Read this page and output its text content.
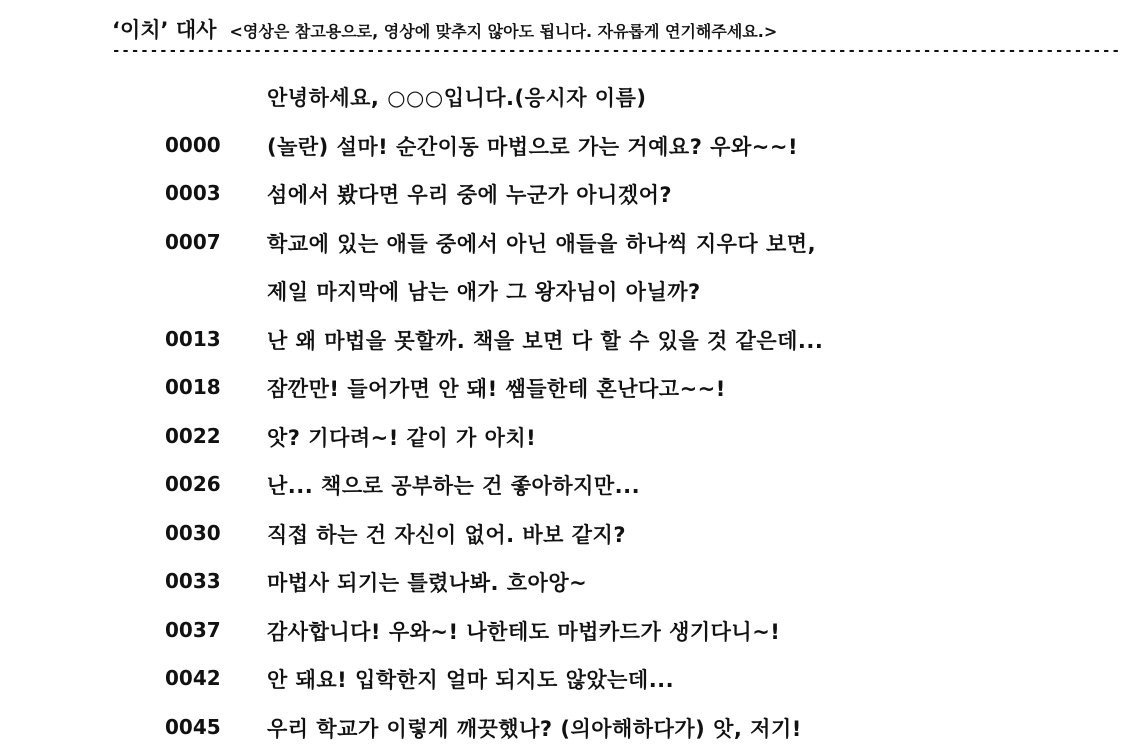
‘이치’ 대사 <영상은 참고용으로, 영상에 맞추지 않아도 됩니다. 자유롭게 연기해주세요.>
-----------------------------------------------------------------------------------------------------------
안녕하세요, ○○○입니다.(응시자 이름)
0000 (놀란) 설마! 순간이동 마법으로 가는 거예요? 우와~~!
0003 섬에서 봤다면 우리 중에 누군가 아니겠어?
0007 학교에 있는 애들 중에서 아닌 애들을 하나씩 지우다 보면,
제일 마지막에 남는 애가 그 왕자님이 아닐까?
0013 난 왜 마법을 못할까. 책을 보면 다 할 수 있을 것 같은데...
0018 잠깐만! 들어가면 안 돼! 쌤들한테 혼난다고~~!
0022 앗? 기다려~! 같이 가 아치!
0026 난... 책으로 공부하는 건 좋아하지만...
0030 직접 하는 건 자신이 없어. 바보 같지?
0033 마법사 되기는 틀렸나봐. 흐아앙~
0037 감사합니다! 우와~! 나한테도 마법카드가 생기다니~!
0042 안 돼요! 입학한지 얼마 되지도 않았는데...
0045 우리 학교가 이렇게 깨끗했나? (의아해하다가) 앗, 저기!
